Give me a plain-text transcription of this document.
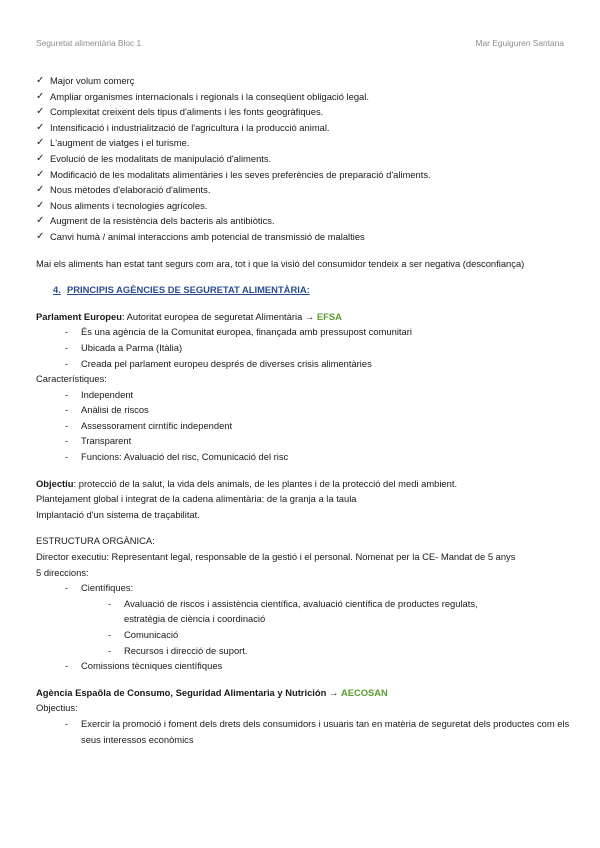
Seguretat alimentària Bloc 1	Mar Eguiguren Santana
✓ Major volum comerç
✓ Ampliar organismes internacionals i regionals i la conseqüent obligació legal.
✓ Complexitat creixent dels tipus d'aliments i les fonts geogràfiques.
✓ Intensificació i industrialització de l'agricultura i la producció animal.
✓ L'augment de viatges i el turisme.
✓ Evolució de les modalitats de manipulació d'aliments.
✓ Modificació de les modalitats alimentàries i les seves preferències de preparació d'aliments.
✓ Nous mètodes d'elaboració d'aliments.
✓ Nous aliments i tecnologies agrícoles.
✓ Augment de la resistència dels bacteris als antibiòtics.
✓ Canvi humà / animal interaccions amb potencial de transmissió de malalties
Mai els aliments han estat tant segurs com ara, tot i que la visió del consumidor tendeix a ser negativa (desconfiança)
4. PRINCIPIS AGÈNCIES DE SEGURETAT ALIMENTÀRIA:
Parlament Europeu: Autoritat europea de seguretat Alimentària → EFSA
-	És una agència de la Comunitat europea, finançada amb pressupost comunitari
-	Ubicada a Parma (Itàlia)
-	Creada pel parlament europeu després de diverses crisis alimentàries
Característiques:
-	Independent
-	Anàlisi de riscos
-	Assessorament cirntífic independent
-	Transparent
-	Funcions: Avaluació del risc, Comunicació del risc
Objectiu: protecció de la salut, la vida dels animals, de les plantes i de la protecció del medi ambient.
Plantejament global i integrat de la cadena alimentària: de la granja a la taula
Implantació d'un sistema de traçabilitat.
ESTRUCTURA ORGÀNICA:
Director executiu: Representant legal, responsable de la gestió i el personal. Nomenat per la CE- Mandat de 5 anys
5 direccions:
-	Científiques:
-	Avaluació de riscos i assistència científica, avaluació científica de productes regulats, estratègia de ciència i coordinació
-	Comunicació
-	Recursos i direcció de suport.
-	Comissions tècniques científiques
Agència Espaõla de Consumo, Seguridad Alimentaria y Nutrición → AECOSAN
Objectius:
-	Exercir la promoció i foment dels drets dels consumidors i usuaris tan en matèria de seguretat dels productes com els seus interessos econòmics
